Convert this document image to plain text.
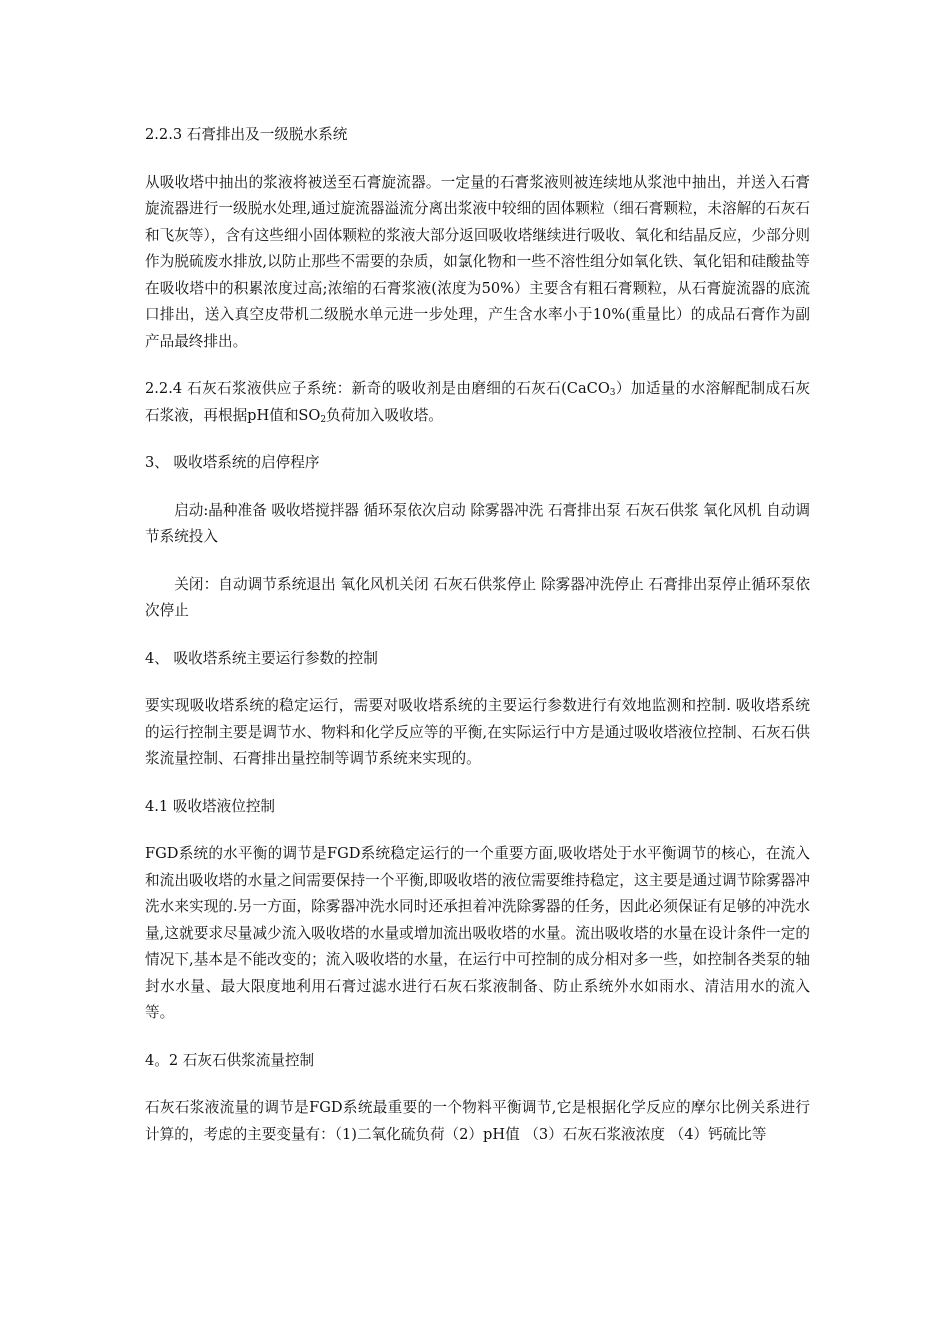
2.2.3 石膏排出及一级脱水系统

从吸收塔中抽出的浆液将被送至石膏旋流器。一定量的石膏浆液则被连续地从浆池中抽出，并送入石膏旋流器进行一级脱水处理,通过旋流器溢流分离出浆液中较细的固体颗粒（细石膏颗粒，未溶解的石灰石和飞灰等），含有这些细小固体颗粒的浆液大部分返回吸收塔继续进行吸收、氧化和结晶反应，少部分则作为脱硫废水排放,以防止那些不需要的杂质，如氯化物和一些不溶性组分如氧化铁、氧化铝和硅酸盐等在吸收塔中的积累浓度过高;浓缩的石膏浆液(浓度为50%）主要含有粗石膏颗粒，从石膏旋流器的底流口排出，送入真空皮带机二级脱水单元进一步处理，产生含水率小于10%(重量比）的成品石膏作为副产品最终排出。

2.2.4 石灰石浆液供应子系统：新奇的吸收剂是由磨细的石灰石(CaCO$_3$）加适量的水溶解配制成石灰石浆液，再根据pH值和$SO_2$负荷加入吸收塔。

3、 吸收塔系统的启停程序

启动:晶种准备 吸收塔搅拌器 循环泵依次启动 除雾器冲洗 石膏排出泵 石灰石供浆 氧化风机 自动调节系统投入

关闭：自动调节系统退出 氧化风机关闭 石灰石供浆停止 除雾器冲洗停止 石膏排出泵停止循环泵依次停止

4、 吸收塔系统主要运行参数的控制

要实现吸收塔系统的稳定运行，需要对吸收塔系统的主要运行参数进行有效地监测和控制. 吸收塔系统的运行控制主要是调节水、物料和化学反应等的平衡,在实际运行中方是通过吸收塔液位控制、石灰石供浆流量控制、石膏排出量控制等调节系统来实现的。

4.1 吸收塔液位控制

FGD系统的水平衡的调节是FGD系统稳定运行的一个重要方面,吸收塔处于水平衡调节的核心，在流入和流出吸收塔的水量之间需要保持一个平衡,即吸收塔的液位需要维持稳定，这主要是通过调节除雾器冲洗水来实现的.另一方面，除雾器冲洗水同时还承担着冲洗除雾器的任务，因此必须保证有足够的冲洗水量,这就要求尽量减少流入吸收塔的水量或增加流出吸收塔的水量。流出吸收塔的水量在设计条件一定的情况下,基本是不能改变的；流入吸收塔的水量，在运行中可控制的成分相对多一些，如控制各类泵的轴封水水量、最大限度地利用石膏过滤水进行石灰石浆液制备、防止系统外水如雨水、清洁用水的流入等。

4。2 石灰石供浆流量控制

石灰石浆液流量的调节是FGD系统最重要的一个物料平衡调节,它是根据化学反应的摩尔比例关系进行计算的，考虑的主要变量有：（1)二氧化硫负荷（2）pH值 （3）石灰石浆液浓度 （4）钙硫比等
